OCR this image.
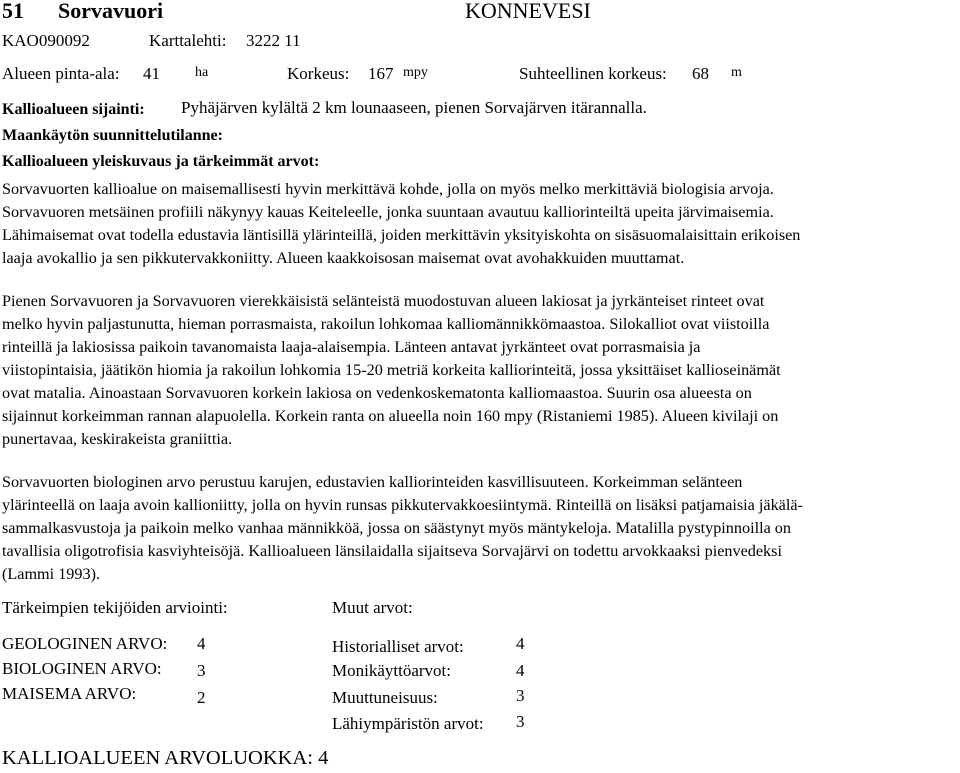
51 Sorvavuori	KONNEVESI
KAO090092	Karttalehti: 3222 11
Alueen pinta-ala: 41	ha	Korkeus: 167 mpy	Suhteellinen korkeus: 68 m
Kallioalueen sijainti: Pyhäjärven kylältä 2 km lounaaseen, pienen Sorvajärven itärannalla.
Maankäytön suunnittelutilanne:
Kallioalueen yleiskuvaus ja tärkeimmät arvot:
Sorvavuorten kallioalue on maisemallisesti hyvin merkittävä kohde, jolla on myös melko merkittäviä biologisia arvoja.
Sorvavuoren metsäinen profiili näkynyy kauas Keiteleelle, jonka suuntaan avautuu kalliorinteiltä upeita järvimaisemia.
Lähimaisemat ovat todella edustavia läntisillä ylärinteillä, joiden merkittävin yksityiskohta on sisäsuomalaisittain erikoisen
laaja avokallio ja sen pikkutervakkoniitty. Alueen kaakkoisosan maisemat ovat avohakkuiden muuttamat.
Pienen Sorvavuoren ja Sorvavuoren vierekkäisistä selänteistä muodostuvan alueen lakiosat ja jyrkänteiset rinteet ovat
melko hyvin paljastunutta, hieman porrasmaista, rakoilun lohkomaa kalliomännikkömaastoa. Silokalliot ovat viistoilla
rinteillä ja lakiosissa paikoin tavanomaista laaja-alaisempia. Länteen antavat jyrkänteet ovat porrasmaisia ja
viistopintaisia, jäätikön hiomia ja rakoilun lohkomia 15-20 metriä korkeita kalliorinteitä, jossa yksittäiset kallioseinämät
ovat matalia. Ainoastaan Sorvavuoren korkein lakiosa on vedenkoskematonta kalliomaastoa. Suurin osa alueesta on
sijainnut korkeimman rannan alapuolella. Korkein ranta on alueella noin 160 mpy (Ristaniemi 1985). Alueen kivilaji on
punertavaa, keskirakeista graniittia.
Sorvavuorten biologinen arvo perustuu karujen, edustavien kalliorinteiden kasvillisuuteen. Korkeimman selänteen
ylärinteellä on laaja avoin kallioniitty, jolla on hyvin runsas pikkutervakkoesiintymä. Rinteillä on lisäksi patjamaisia jäkälä-
sammalkasvustoja ja paikoin melko vanhaa männikköä, jossa on säästynyt myös mäntykeloja. Matalilla pystypinnoilla on
tavallisia oligotrofisia kasviyhteisöjä. Kallioalueen länsilaidalla sijaitseva Sorvajärvi on todettu arvokkaaksi pienvedeksi
(Lammi 1993).
Tärkeimpien tekijöiden arviointi:	Muut arvot:
GEOLOGINEN ARVO: 4
BIOLOGINEN ARVO: 3
MAISEMA ARVO:	2
Historialliset arvot:	4
Monikäyttöarvot:	4
Muuttuneisuus:	3
Lähiympäristön arvot: 3
KALLIOALUEEN ARVOLUOKKA: 4
